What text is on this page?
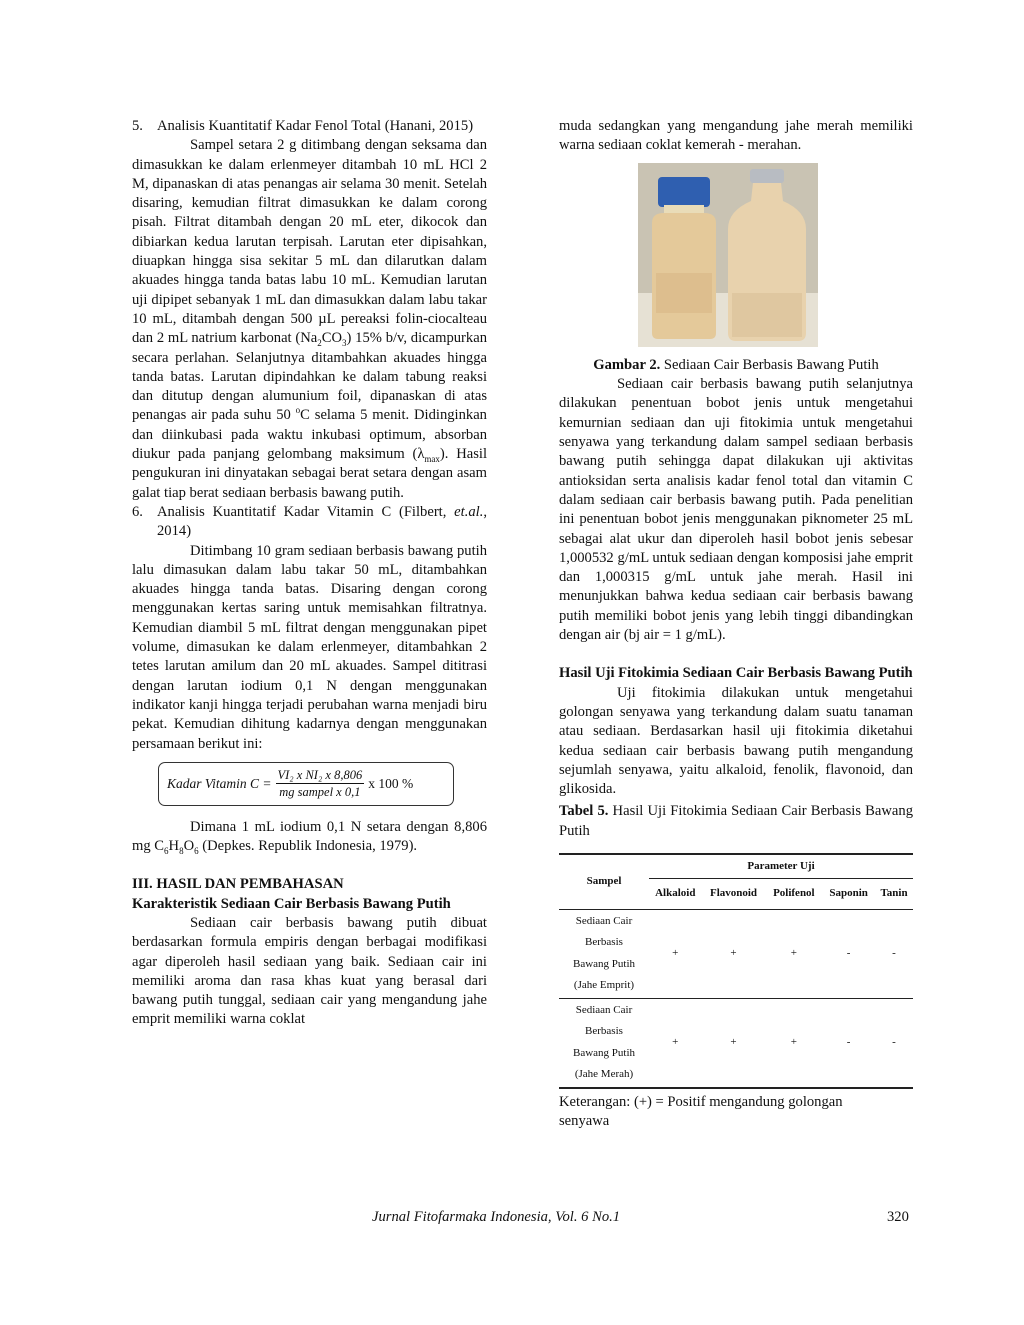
5. Analisis Kuantitatif Kadar Fenol Total (Hanani, 2015)

Sampel setara 2 g ditimbang dengan seksama dan dimasukkan ke dalam erlenmeyer ditambah 10 mL HCl 2 M, dipanaskan di atas penangas air selama 30 menit. Setelah disaring, kemudian filtrat dimasukkan ke dalam corong pisah. Filtrat ditambah dengan 20 mL eter, dikocok dan dibiarkan kedua larutan terpisah. Larutan eter dipisahkan, diuapkan hingga sisa sekitar 5 mL dan dilarutkan dalam akuades hingga tanda batas labu 10 mL. Kemudian larutan uji dipipet sebanyak 1 mL dan dimasukkan dalam labu takar 10 mL, ditambah dengan 500 µL pereaksi folin-ciocalteau dan 2 mL natrium karbonat $(Na_2CO_3)$ 15% b/v, dicampurkan secara perlahan. Selanjutnya ditambahkan akuades hingga tanda batas. Larutan dipindahkan ke dalam tabung reaksi dan ditutup dengan alumunium foil, dipanaskan di atas penangas air pada suhu 50 $^o$C selama 5 menit. Didinginkan dan diinkubasi pada waktu inkubasi optimum, absorban diukur pada panjang gelombang maksimum $(\lambda_{max})$. Hasil pengukuran ini dinyatakan sebagai berat setara dengan asam galat tiap berat sediaan berbasis bawang putih.

6. Analisis Kuantitatif Kadar Vitamin C (Filbert, et.al., 2014)

Ditimbang 10 gram sediaan berbasis bawang putih lalu dimasukan dalam labu takar 50 mL, ditambahkan akuades hingga tanda batas. Disaring dengan corong menggunakan kertas saring untuk memisahkan filtratnya. Kemudian diambil 5 mL filtrat dengan menggunakan pipet volume, dimasukan ke dalam erlenmeyer, ditambahkan 2 tetes larutan amilum dan 20 mL akuades. Sampel dititrasi dengan larutan iodium 0,1 N dengan menggunakan indikator kanji hingga terjadi perubahan warna menjadi biru pekat. Kemudian dihitung kadarnya dengan menggunakan persamaan berikut ini:

Kadar Vitamin $C = \frac{\text{VI₂ x NI₂ x 8,806}}{\text{mg sampel x 0,1}}$ x 100 %

Dimana 1 mL iodium 0,1 N setara dengan 8,806 mg $C_6H_8O_6$ (Depkes. Republik Indonesia, 1979).

III. HASIL DAN PEMBAHASAN

Karakteristik Sediaan Cair Berbasis Bawang Putih

Sediaan cair berbasis bawang putih dibuat berdasarkan formula empiris dengan berbagai modifikasi agar diperoleh hasil sediaan yang baik. Sediaan cair ini memiliki aroma dan rasa khas kuat yang berasal dari bawang putih tunggal, sediaan cair yang mengandung jahe emprit memiliki warna coklat

muda sedangkan yang mengandung jahe merah memiliki warna sediaan coklat kemerah - merahan.

Gambar 2. Sediaan Cair Berbasis Bawang Putih

Sediaan cair berbasis bawang putih selanjutnya dilakukan penentuan bobot jenis untuk mengetahui kemurnian sediaan dan uji fitokimia untuk mengetahui senyawa yang terkandung dalam sampel sediaan berbasis bawang putih sehingga dapat dilakukan uji aktivitas antioksidan serta analisis kadar fenol total dan vitamin C dalam sediaan cair berbasis bawang putih. Pada penelitian ini penentuan bobot jenis menggunakan piknometer 25 mL sebagai alat ukur dan diperoleh hasil bobot jenis sebesar 1,000532 g/mL untuk sediaan dengan komposisi jahe emprit dan 1,000315 g/mL untuk jahe merah. Hasil ini menunjukkan bahwa kedua sediaan cair berbasis bawang putih memiliki bobot jenis yang lebih tinggi dibandingkan dengan air (bj air = 1 g/mL).

Hasil Uji Fitokimia Sediaan Cair Berbasis Bawang Putih

Uji fitokimia dilakukan untuk mengetahui golongan senyawa yang terkandung dalam suatu tanaman atau sediaan. Berdasarkan hasil uji fitokimia diketahui kedua sediaan cair berbasis bawang putih mengandung sejumlah senyawa, yaitu alkaloid, fenolik, flavonoid, dan glikosida.

Tabel 5. Hasil Uji Fitokimia Sediaan Cair Berbasis Bawang Putih

Sampel	Parameter Uji				
	Alkaloid	Flavonoid	Polifenol	Saponin	Tanin

Sediaan Cair
Berbasis
Bawang Putih
(Jahe Emprit)	+	+	+	-	-

Sediaan Cair
Berbasis
Bawang Putih
(Jahe Merah)	+	+	+	-	-

Keterangan: (+) = Positif mengandung golongan senyawa

Jurnal Fitofarmaka Indonesia, Vol. 6 No.1	320
